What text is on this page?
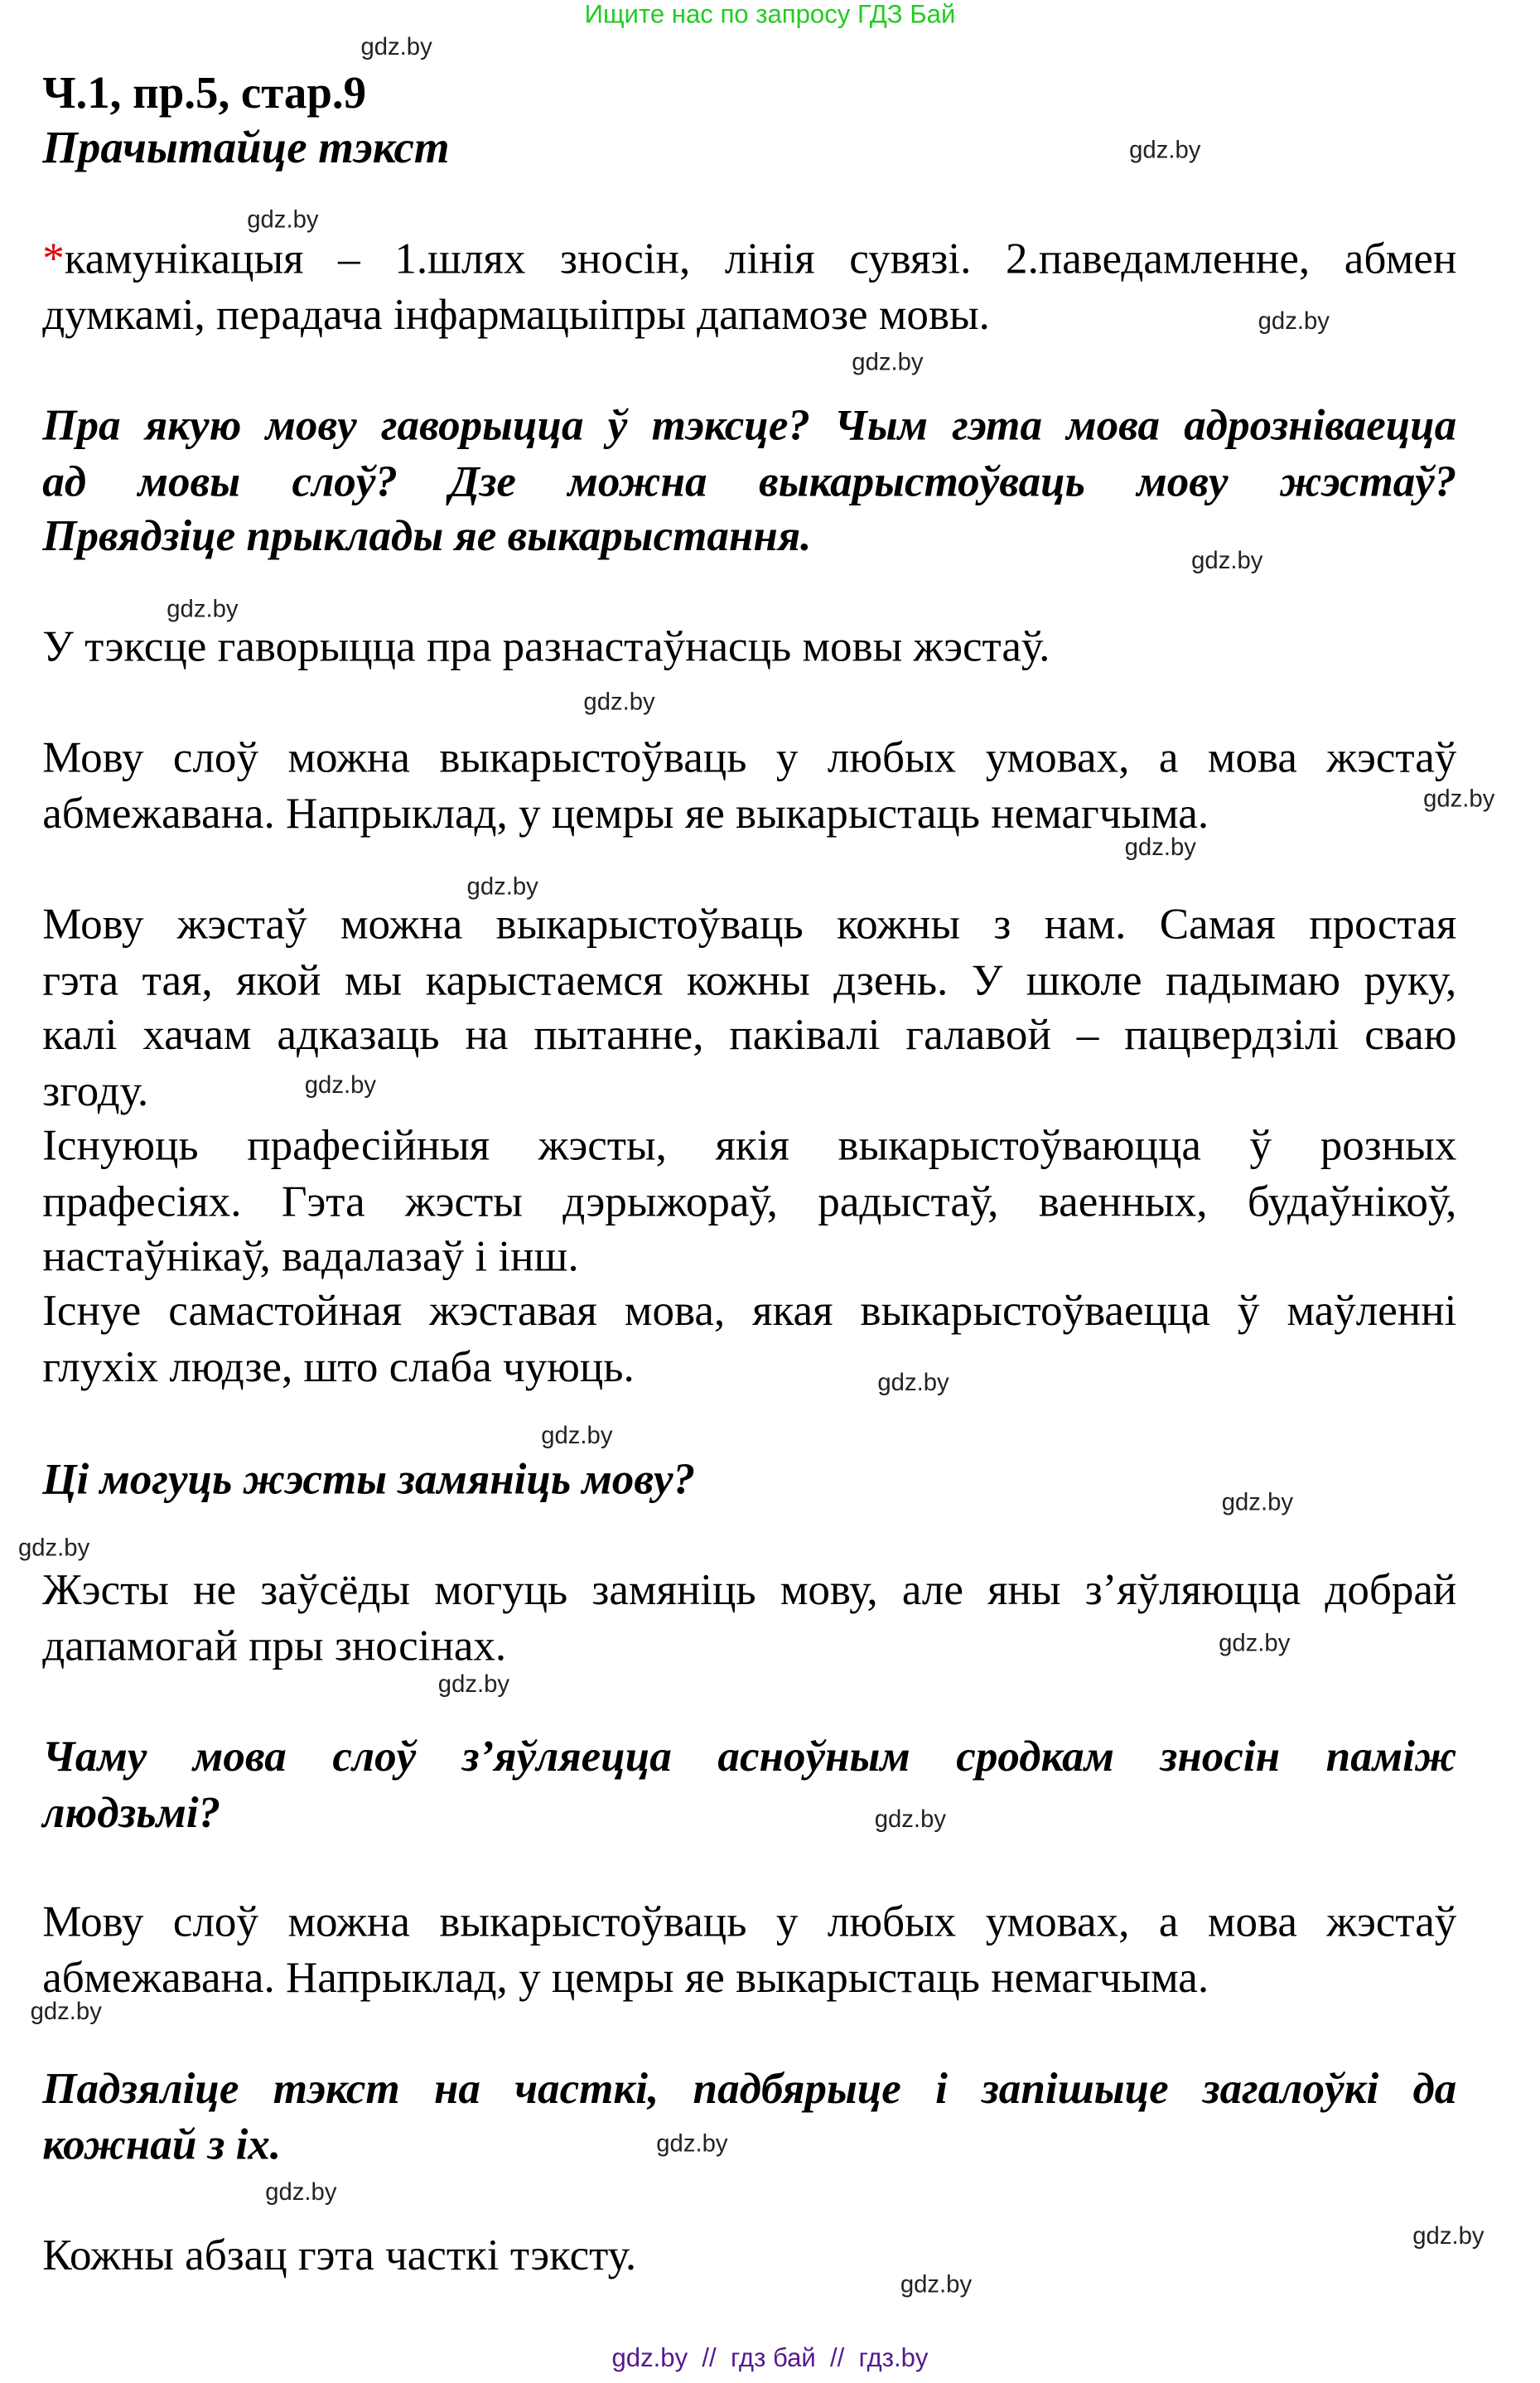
Ищите нас по запросу ГДЗ Бай
Ч.1, пр.5, стар.9
Прачытайце тэкст
*камунікацыя – 1.шлях зносін, лінія сувязі. 2.паведамленне, абмен
думкамі, перадача інфармацыіпры дапамозе мовы.
Пра якую мову гаворыцца ў тэксце? Чым гэта мова адрозніваецца
ад мовы слоў? Дзе можна выкарыстоўваць мову жэстаў?
Првядзіце прыклады яе выкарыстання.
У тэксце гаворыцца пра разнастаўнасць мовы жэстаў.
Мову слоў можна выкарыстоўваць у любых умовах, а мова жэстаў
абмежавана. Напрыклад, у цемры яе выкарыстаць немагчыма.
Мову жэстаў можна выкарыстоўваць кожны з нам. Самая простая
гэта тая, якой мы карыстаемся кожны дзень. У школе падымаю руку,
калі хачам адказаць на пытанне, паківалі галавой – пацвердзілі сваю
згоду.
Існуюць прафесійныя жэсты, якія выкарыстоўваюцца ў розных
прафесіях. Гэта жэсты дэрыжораў, радыстаў, ваенных, будаўнікоў,
настаўнікаў, вадалазаў і інш.
Існуе самастойная жэставая мова, якая выкарыстоўваецца ў маўленні
глухіх людзе, што слаба чуюць.
Ці могуць жэсты замяніць мову?
Жэсты не заўсёды могуць замяніць мову, але яны з’яўляюцца добрай
дапамогай пры зносінах.
Чаму мова слоў з’яўляецца асноўным сродкам зносін паміж
людзьмі?
Мову слоў можна выкарыстоўваць у любых умовах, а мова жэстаў
абмежавана. Напрыклад, у цемры яе выкарыстаць немагчыма.
Падзяліце тэкст на часткі, падбярыце і запішыце загалоўкі да
кожнай з іх.
Кожны абзац гэта часткі тэксту.
gdz.by
gdz.by
gdz.by
gdz.by
gdz.by
gdz.by
gdz.by
gdz.by
gdz.by
gdz.by
gdz.by
gdz.by
gdz.by
gdz.by
gdz.by
gdz.by
gdz.by
gdz.by
gdz.by
gdz.by
gdz.by
gdz.by
gdz.by
gdz.by
gdz.by  //  гдз бай  //  гдз.by
